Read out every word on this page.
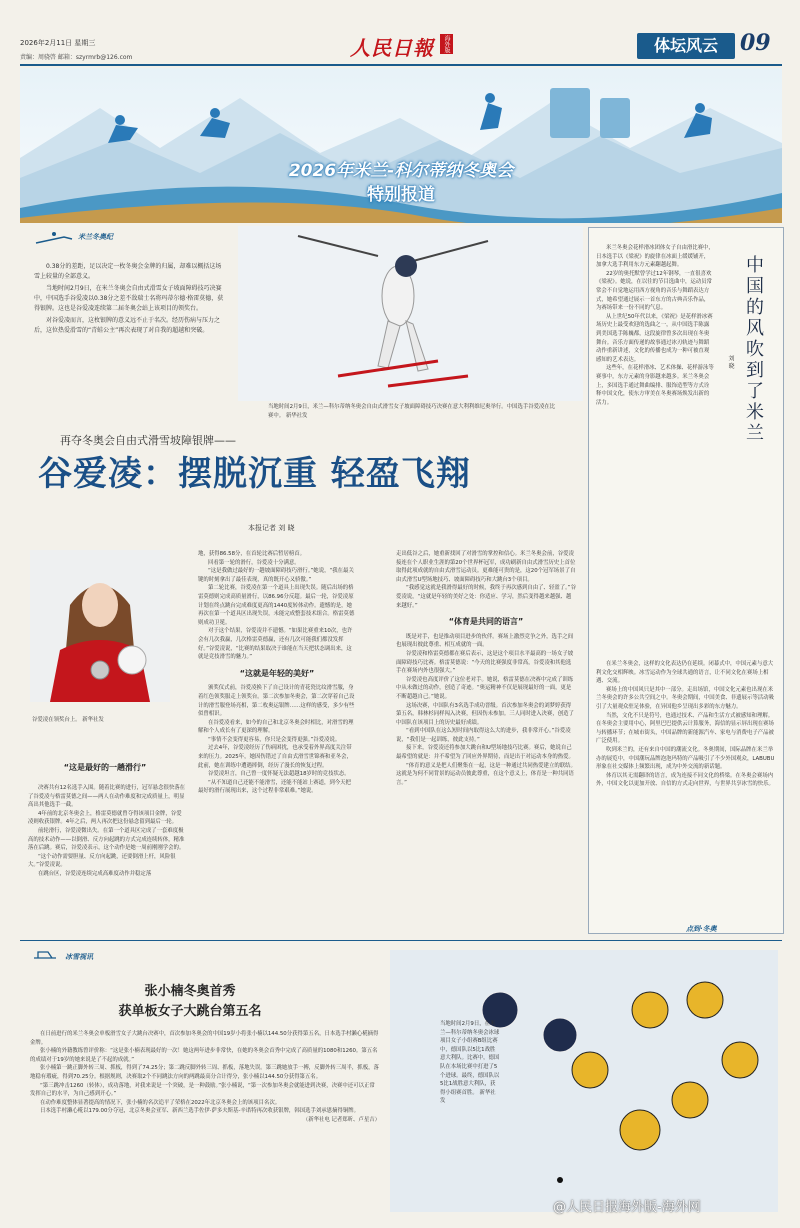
2026年2月11日 星期三
责编：周骁啓 邮箱：szyrmrb@126.com	人民日報	海外版	体坛风云	09
2026年米兰-科尔蒂纳冬奥会
特别报道
米兰冬奥纪

0.38分的差距，足以决定一枚冬奥会金牌的归属，却难以概括这场雪上较量的全部意义。

当地时间2月9日，在米兰冬奥会自由式滑雪女子坡面障碍技巧决赛中，中国选手谷爱凌以0.38分之差不敌瑞士名将玛蒂尔德·格雷莫德，获得银牌。这也是谷爱凌连续第二届冬奥会站上该项目的领奖台。

对谷爱凌而言，这枚银牌的意义远不止于名次。经历伤病与压力之后，这位热爱滑雪的“青蛙公主”再次表现了对自我的超越和突破。

当地时间2月9日，米兰—科尔蒂纳冬奥会自由式滑雪女子坡面障碍技巧决赛在意大利利维尼奥举行。中国选手谷爱凌在比赛中。 新华社发
再夺冬奥会自由式滑雪坡障银牌——
谷爱凌：摆脱沉重 轻盈飞翔
本报记者 刘 晓
谷爱凌在领奖台上。 新华社发
“这是最好的一趟滑行”

决赛共有12名选手入围。随着比赛的进行，冠军悬念很快落在了谷爱凌与格雷莫德之间——两人在动作难度和完成质量上，明显高出其他选手一截。

4年前的北京冬奥会上，格雷莫德就曾夺得该项目金牌，谷爱凌则收获银牌。4年之后，两人再次把这份悬念留到最后一轮。

前轮滑行，谷爱凌微出失。在第一个道具区完成了一套难度极高的技术动作——以倒滑、反方向起跳的方式完成连续转体，精准落在后跳。赛后，谷爱凌表示，这个动作是她一周前刚刚学会的。

“这个动作需要胆量、反方向起跳，还要倒滑上杆，风险很大。”谷爱凌说。

在跳台区，谷爱凌连续完成高难度动作并稳定落

地，获得86.58分，在首轮比赛后暂居榜首。

回看第一轮的滑行，谷爱凌十分满意。

“这是我做过最好的一趟坡面障碍技巧滑行。”她说，“我在最关键的时刻拿出了最佳表现，真的既开心又骄傲。”

第二轮比赛，谷爱凌在第一个道具上出现失误。随后出场的格雷莫德则完成高质量滑行，以86.96分反超。最后一轮，谷爱凌原计划在终点跳台完成难度更高的1440度转体动作。遗憾的是，她再次在第一个道具区出现失误，未能完成整套技术组合。格雷莫德则成功卫冕。

对于这个结果，谷爱凌并不遗憾。“如果比赛重来10次，也许会有几次我赢，几次格雷莫德赢，还有几次可能我们都没发挥好。”谷爱凌说，“比赛的结果取决于谁能在当天把状态调出来，这就是竞技滑雪的魅力。”

“这就是年轻的美好”

颁奖仪式前，谷爱凌换下了自己设计的青花瓷比纹滑雪服，身着红色领奖服走上领奖台。第二次参加冬奥会，第二次穿着自己设计的滑雪服登场亮相，第二枚奥运银牌……这样的感受，多少有些似曾相识。

在谷爱凌看来，如今的自己和北京冬奥会时相比，对滑雪的理解和个人成长有了更深的理解。

“事情不会变得更容易，你只是会变得更强。”谷爱凌说。

过去4年，谷爱凌经历了伤病困扰，也承受着外界高度关注带来的压力。2025年，她因伤错过了自由式滑雪世锦赛和亚冬会，此前，她在训练中遭遇摔倒，经历了漫长的恢复过程。

谷爱凌坦言，自己曾一度怀疑无法超越18岁时的竞技状态。

“从不知道自己还能不能滑雪，还能不能站上赛道，到今天把最好的滑行展现出来，这个过程非常艰难。”她说。

走出低谷之后，她重新找回了对滑雪的掌控和信心。米兰冬奥会前，谷爱凌接连在个人职业生涯的第20个世界杯冠军，成功刷新自由式滑雪历史上首位取得此项成就的自由式滑雪运动员。更难能可贵的是，这20个冠军场景了自由式滑雪U型场地技巧、坡面障碍技巧和大跳台3个项目。

“我感觉这就是我滑得最好的时候，我终于再次感到自由了、轻盈了。”谷爱凌说，“这就是年轻的美好之处：你适应、学习，然后变得越来越强、越来越好。”

“体育是共同的语言”

既是对手，也是推动项目进步的伙伴。赛场上激烈竞争之外，选手之间也展现出彼此尊重、相互成就的一面。

谷爱凌和格雷莫德都在赛后表示，这是这个项目水平最高的一场女子坡面障碍技巧比赛。格雷莫德说：“今天的比赛强度非常高，谷爱凌和其他选手在赛场内外也很强大。”

谷爱凌也高度评价了这位老对手。她说，格雷莫德在决赛中完成了训练中从未做过的动作，创造了奇迹。“奥运精神不仅是展现最好的一面，更是不断超越自己。”她说。

这场决赛，中国队有3名选手成功晋级。首次参加冬奥会的刘梦婷获得第五名，韩林杉同样闯入决赛，但因伤未参加。三人同时进入决赛，创造了中国队在该项目上的历史最好成绩。

“看到中国队在这么短时间内取得这么大的进步，我非常开心。”谷爱凌说，“我们是一起训练，彼此支持。”

接下来，谷爱凌还将参加大跳台和U型场地技巧比赛。赛后，她说自己最希望的就是：并不希望为了回应外界期待，而是出于对运动本身的热爱。

“体育的意义是把人们聚集在一起，这是一种通过共同热爱建立的联结。这就是为何不同背景的运动员彼此尊重，在这个意义上，体育是一种共同语言。”

中国的风吹到了米兰
刘 晓

米兰冬奥会花样滑冰团体女子自由滑比赛中，日本选手以《梁祝》的旋律在冰面上缓缓铺开，加拿大选手利用东方元素翻越起舞。

22岁的奥托默曾学过12年钢琴，一直很喜欢《梁祝》。她说，在以往的节目选曲中，运动员常常会不自觉地运用西方视角的音乐与舞蹈表达方式，她希望通过展示一首东方的古典音乐作品，为赛场带来一份不同的气息。

从上世纪50年代以来，《梁祝》是花样滑冰赛场历史上最受欢迎的选曲之一，从中国选手陈露到美国选手陈巍都，这段旋律曾多次出现在冬奥舞台。音乐方面传递的故事通过冰刃轨迹与舞蹈动作重新讲述，文化的传播也成为一种可被直观感知的艺术表达。

这些年，在花样滑冰、艺术体操、花样游泳等赛事中，东方元素的身影越来越多。米兰冬奥会上，多国选手通过舞曲编排、服饰造型等方式诠释中国文化，使东方审美在冬奥赛场焕发出新的活力。

在米兰冬奥会，这样的文化表达仍在延续。闭幕式中，中国元素与意大利文化交相辉映。冰雪运动作为全球共通的语言，让不同文化在赛场上相遇、交流。

赛场上的中国风只是其中一部分。走出场馆，中国文化元素也出现在米兰冬奥会的许多公共空间之中。冬奥会期间，中国美食、非遗展示等活动吸引了大量观众驻足体验，在异国他乡呈现出多彩的东方魅力。

当然，文化不只是符号，也通过技术、产品和生活方式被感知和理解。在冬奥会主要用中心，阿里巴巴提供云计算服务，海信的显示屏出现在赛场与转播环节；在城市街头，中国品牌的新能源汽车、家电与消费电子产品被广泛使用。

吹到米兰的，还有来自中国的潮流文化。冬奥期间，国际品牌在米兰举办的展览中，中国潮玩品牌泡泡玛特的产品吸引了不少外国观众，LABUBU 形象在社交媒体上频繁出现，成为中外交流的新话题。

体育以其无需翻译的语言，成为连接不同文化的桥梁。在冬奥会赛场内外，中国文化以更加开放、自信的方式走向世界，与世界共享冰雪的快乐。

点到·冬奥
冰雪视讯
张小楠冬奥首秀
获单板女子大跳台第五名

在日前进行的米兰冬奥会单板滑雪女子大跳台决赛中，首次参加冬奥会的中国19岁小将张小楠以144.50分获得第五名，日本选手村濑心椛摘得金牌。

张小楠的外籍教练曾评价称：“这是张小楠表现最好的一次！她这两年进步非常快，在她的冬奥会首秀中完成了高质量的1080和1260。第五名的成绩对于19岁的她来说是了不起的成就。”

张小楠第一跳正脚外转三周、抓板，得到了74.25分；第二跳反脚外转三周、抓板，落地失误。第三跳她放手一搏，反脚外转三周半，抓板，落地稳有瑕疵，得到70.25分。根据规则，决赛取2个不同跳法方向的两跳最高分合计得分，张小楠以144.50分获得第五名。

“第三跳冲击1260（转体），成功落地，对我来说是一个突破，是一种鼓励。”张小楠说，“第一次参加冬奥会就能进到决赛，决赛中还可以正常发挥自己的水平，为自己感到开心。”

在动作难度整体显著提高的情况下，张小楠的名次追平了荣格在2022年北京冬奥会上的该项目名次。

日本选手村濑心椛以179.00分夺冠，北京冬奥会亚军、新西兰选手佐伊·萨多夫斯基-辛诺特再次收获银牌，韩国选手刘承恩摘得铜牌。

（新华社电 记者郑昕、卢星吉）

当地时间2月9日，在米兰—科尔蒂纳冬奥会冰球项目女子小组赛B组比赛中，德国队以5比1战胜意大利队。比赛中，德国队在本场比赛中打进了5个进球。最终，德国队以5比1战胜意大利队，获得小组赛首胜。 新华社发
@人民日报海外版-海外网
